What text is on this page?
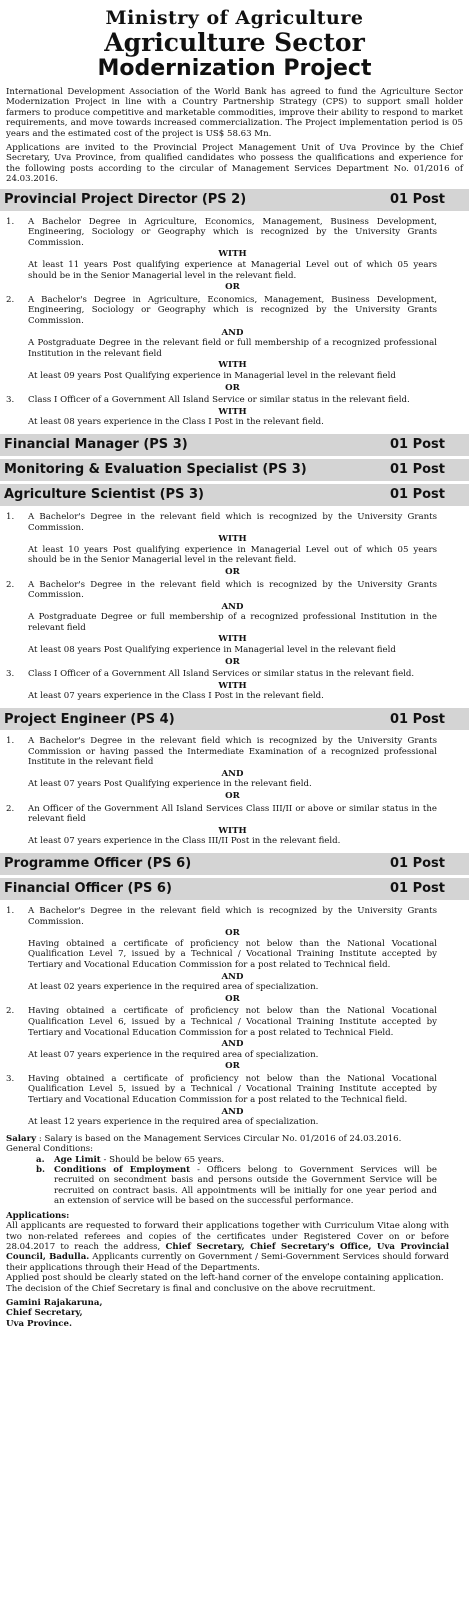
Ministry of Agriculture
Agriculture Sector
Modernization Project

International Development Association of the World Bank has agreed to fund the Agriculture Sector Modernization Project in line with a Country Partnership Strategy (CPS) to support small holder farmers to produce competitive and marketable commodities, improve their ability to respond to market requirements, and move towards increased commercialization. The Project implementation period is 05 years and the estimated cost of the project is US$ 58.63 Mn.

Applications are invited to the Provincial Project Management Unit of Uva Province by the Chief Secretary, Uva Province, from qualified candidates who possess the qualifications and experience for the following posts according to the circular of Management Services Department No. 01/2016 of 24.03.2016.

Provincial Project Director (PS 2)	01 Post
1. A Bachelor Degree in Agriculture, Economics, Management, Business Development, Engineering, Sociology or Geography which is recognized by the University Grants Commission.
WITH
At least 11 years Post qualifying experience at Managerial Level out of which 05 years should be in the Senior Managerial level in the relevant field.
OR
2. A Bachelor's Degree in Agriculture, Economics, Management, Business Development, Engineering, Sociology or Geography which is recognized by the University Grants Commission.
AND
A Postgraduate Degree in the relevant field or full membership of a recognized professional Institution in the relevant field
WITH
At least 09 years Post Qualifying experience in Managerial level in the relevant field
OR
3. Class I Officer of a Government All Island Service or similar status in the relevant field.
WITH
At least 08 years experience in the Class I Post in the relevant field.
Financial Manager (PS 3)	01 Post
Monitoring & Evaluation Specialist (PS 3)	01 Post
Agriculture Scientist (PS 3)	01 Post
1. A Bachelor's Degree in the relevant field which is recognized by the University Grants Commission.
WITH
At least 10 years Post qualifying experience in Managerial Level out of which 05 years should be in the Senior Managerial level in the relevant field.
OR
2. A Bachelor's Degree in the relevant field which is recognized by the University Grants Commission.
AND
A Postgraduate Degree or full membership of a recognized professional Institution in the relevant field
WITH
At least 08 years Post Qualifying experience in Managerial level in the relevant field
OR
3. Class I Officer of a Government All Island Services or similar status in the relevant field.
WITH
At least 07 years experience in the Class I Post in the relevant field.
Project Engineer (PS 4)	01 Post
1. A Bachelor's Degree in the relevant field which is recognized by the University Grants Commission or having passed the Intermediate Examination of a recognized professional Institute in the relevant field
AND
At least 07 years Post Qualifying experience in the relevant field.
OR
2. An Officer of the Government All Island Services Class III/II or above or similar status in the relevant field
WITH
At least 07 years experience in the Class III/II Post in the relevant field.
Programme Officer (PS 6)	01 Post
Financial Officer (PS 6)	01 Post
1. A Bachelor's Degree in the relevant field which is recognized by the University Grants Commission.
OR
Having obtained a certificate of proficiency not below than the National Vocational Qualification Level 7, issued by a Technical / Vocational Training Institute accepted by Tertiary and Vocational Education Commission for a post related to Technical field.
AND
At least 02 years experience in the required area of specialization.
OR
2. Having obtained a certificate of proficiency not below than the National Vocational Qualification Level 6, issued by a Technical / Vocational Training Institute accepted by Tertiary and Vocational Education Commission for a post related to Technical Field.
AND
At least 07 years experience in the required area of specialization.
OR
3. Having obtained a certificate of proficiency not below than the National Vocational Qualification Level 5, issued by a Technical / Vocational Training Institute accepted by Tertiary and Vocational Education Commission for a post related to the Technical field.
AND
At least 12 years experience in the required area of specialization.
Salary : Salary is based on the Management Services Circular No. 01/2016 of 24.03.2016.
General Conditions:
a. Age Limit - Should be below 65 years.
b. Conditions of Employment - Officers belong to Government Services will be recruited on secondment basis and persons outside the Government Service will be recruited on contract basis. All appointments will be initially for one year period and an extension of service will be based on the successful performance.
Applications:
All applicants are requested to forward their applications together with Curriculum Vitae along with two non-related referees and copies of the certificates under Registered Cover on or before 28.04.2017 to reach the address, Chief Secretary, Chief Secretary's Office, Uva Provincial Council, Badulla. Applicants currently on Government / Semi-Government Services should forward their applications through their Head of the Departments.
Applied post should be clearly stated on the left-hand corner of the envelope containing application.
The decision of the Chief Secretary is final and conclusive on the above recruitment.
Gamini Rajakaruna,
Chief Secretary,
Uva Province.
